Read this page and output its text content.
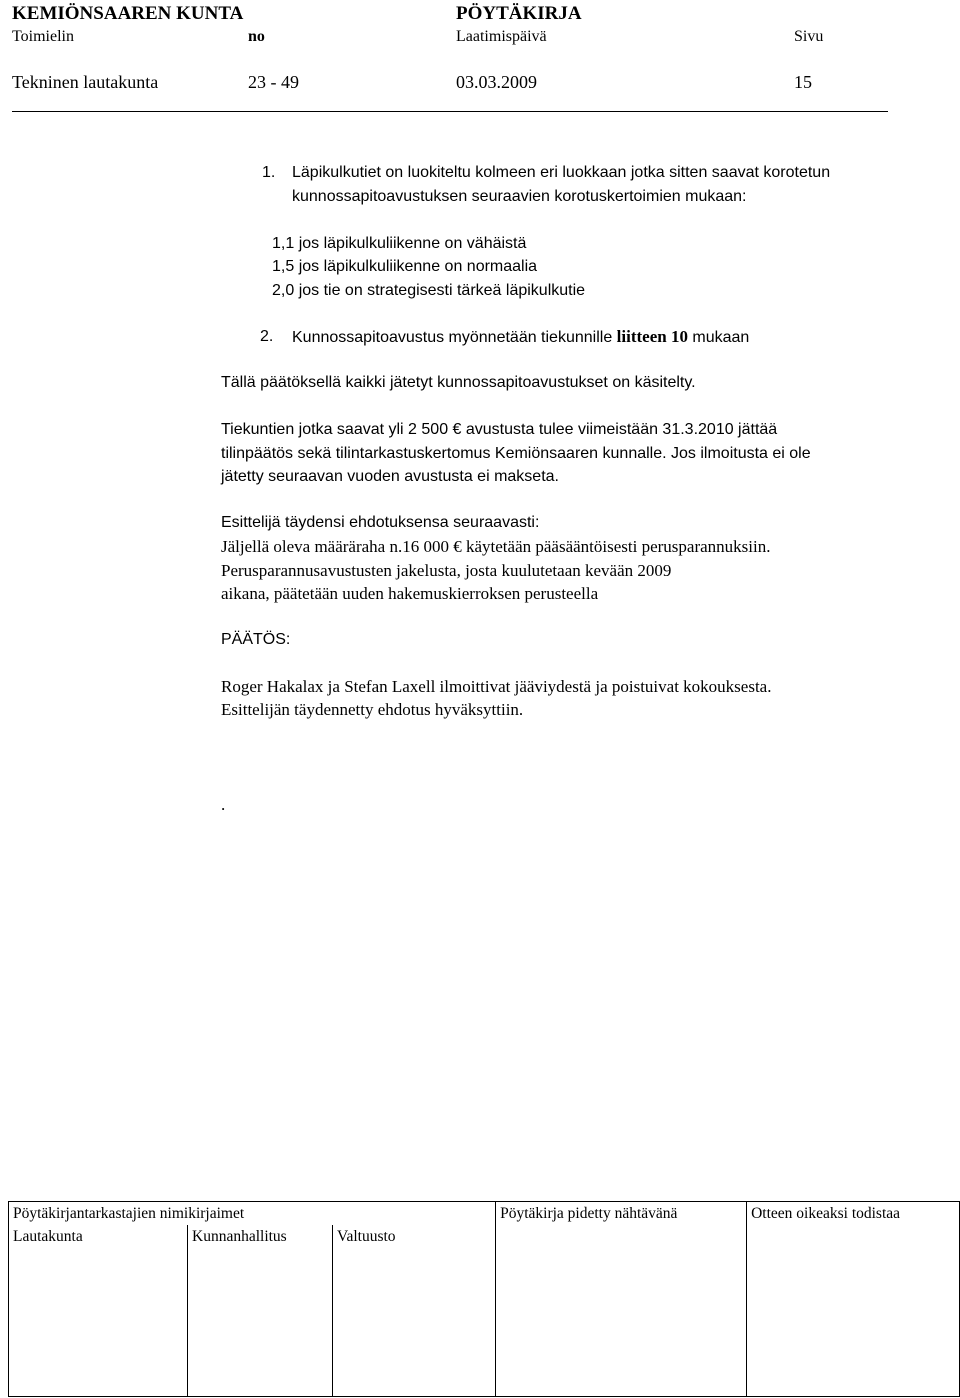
KEMIÖNSAAREN KUNTA	PÖYTÄKIRJA
Toimielin	no	Laatimispäivä	Sivu
Tekninen lautakunta	23 - 49	03.03.2009	15
1. Läpikulkutiet on luokiteltu kolmeen eri luokkaan jotka sitten saavat korotetun
kunnossapitoavustuksen seuraavien korotuskertoimien mukaan:
1,1 jos läpikulkuliikenne on vähäistä
1,5 jos läpikulkuliikenne on normaalia
2,0 jos tie on strategisesti tärkeä läpikulkutie
2. Kunnossapitoavustus myönnetään tiekunnille liitteen 10 mukaan
Tällä päätöksellä kaikki jätetyt kunnossapitoavustukset on käsitelty.
Tiekuntien jotka saavat yli 2 500 € avustusta tulee viimeistään 31.3.2010 jättää
tilinpäätös sekä tilintarkastuskertomus Kemiönsaaren kunnalle. Jos ilmoitusta ei ole
jätetty seuraavan vuoden avustusta ei makseta.
Esittelijä täydensi ehdotuksensa seuraavasti:
Jäljellä oleva määräraha n.16 000 € käytetään pääsääntöisesti perusparannuksiin.
Perusparannusavustusten jakelusta, josta kuulutetaan kevään 2009
aikana, päätetään uuden hakemuskierroksen perusteella
PÄÄTÖS:
Roger Hakalax ja Stefan Laxell ilmoittivat jääviydestä ja poistuivat kokouksesta.
Esittelijän täydennetty ehdotus hyväksyttiin.
.
Pöytäkirjantarkastajien nimikirjaimet			Pöytäkirja pidetty nähtävänä	Otteen oikeaksi todistaa
Lautakunta	Kunnanhallitus	Valtuusto		
